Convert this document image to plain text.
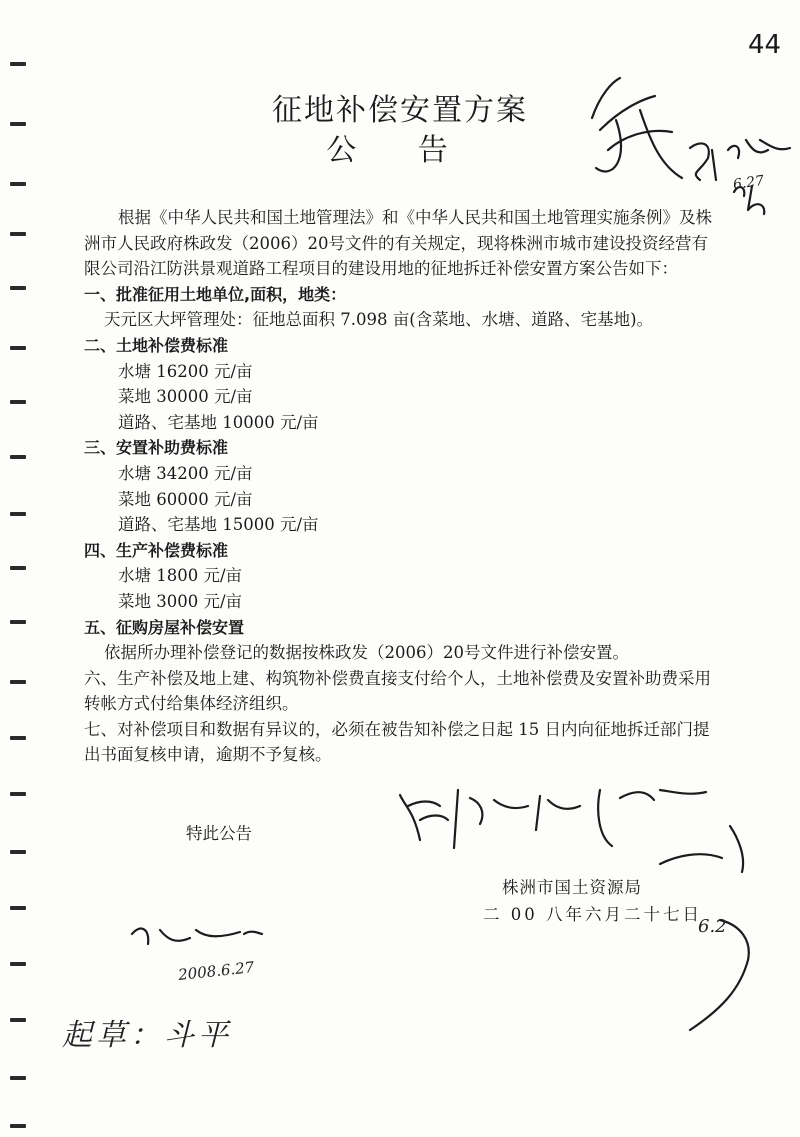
44
征地补偿安置方案
公 告

根据《中华人民共和国土地管理法》和《中华人民共和国土地管理实施条例》及株洲市人民政府株政发（2006）20号文件的有关规定，现将株洲市城市建设投资经营有限公司沿江防洪景观道路工程项目的建设用地的征地拆迁补偿安置方案公告如下：

一、批准征用土地单位,面积，地类：

天元区大坪管理处：征地总面积 7.098 亩(含菜地、水塘、道路、宅基地)。

二、土地补偿费标准

水塘 16200 元/亩

菜地 30000 元/亩

道路、宅基地 10000 元/亩

三、安置补助费标准

水塘 34200 元/亩

菜地 60000 元/亩

道路、宅基地 15000 元/亩

四、生产补偿费标准

水塘 1800 元/亩

菜地 3000 元/亩

五、征购房屋补偿安置

依据所办理补偿登记的数据按株政发（2006）20号文件进行补偿安置。

六、生产补偿及地上建、构筑物补偿费直接支付给个人，土地补偿费及安置补助费采用转帐方式付给集体经济组织。

七、对补偿项目和数据有异议的，必须在被告知补偿之日起 15 日内向征地拆迁部门提出书面复核申请，逾期不予复核。

特此公告
株洲市国土资源局
二 00 八年六月二十七日
2008.6.27
起草：斗平
6.27
6.2
